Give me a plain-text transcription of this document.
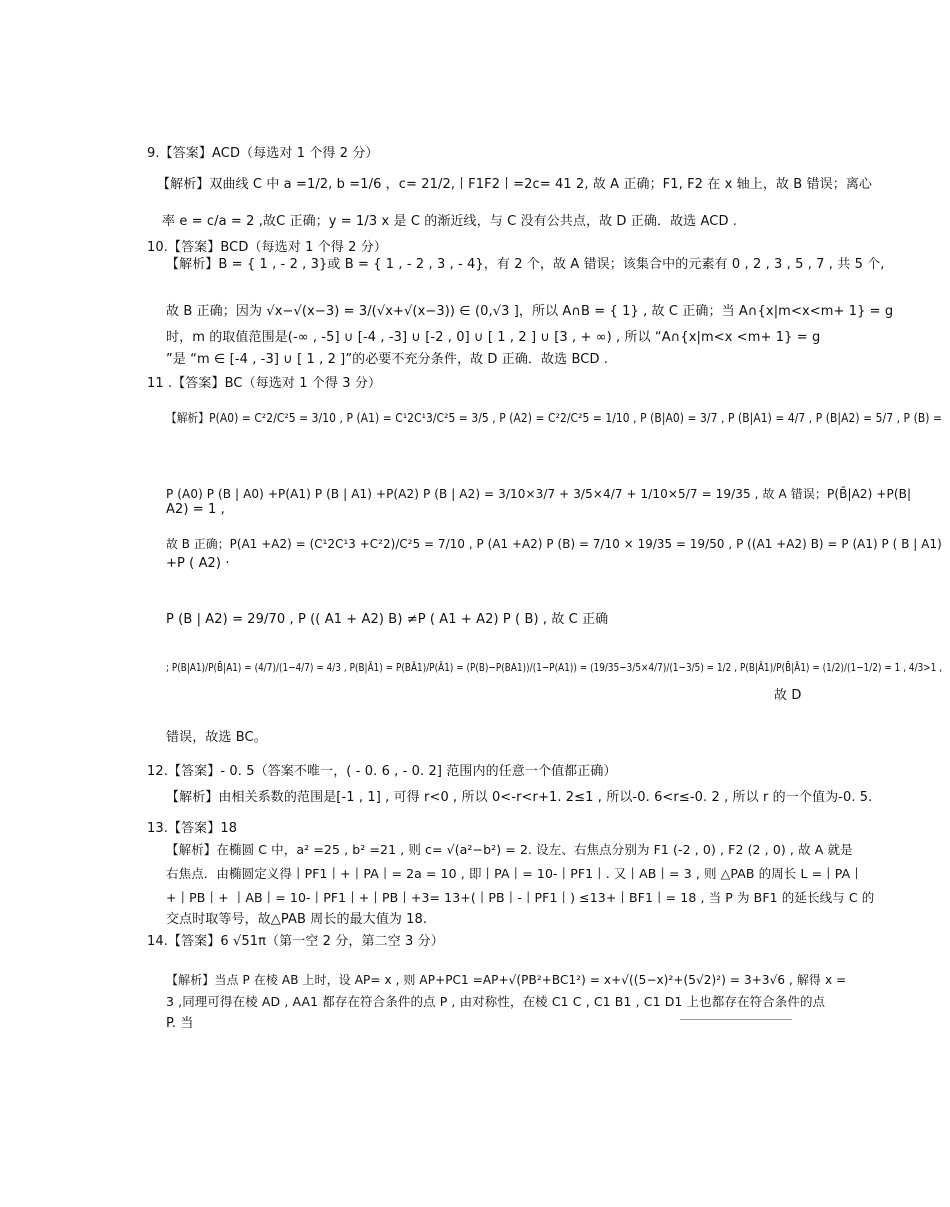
9.【答案】ACD（每选对 1 个得 2 分）
【解析】双曲线 C 中 a =1/2, b =1/6 ，c= 21/2,丨F1F2丨=2c= 41 2, 故 A 正确；F1, F2 在 x 轴上，故 B 错误；离心
率 e = c/a = 2 ,故C 正确；y = 1/3 x 是 C 的渐近线，与 C 没有公共点，故 D 正确．故选 ACD .
10.【答案】BCD（每选对 1 个得 2 分）
【解析】B = { 1 , - 2 , 3}或 B = { 1 , - 2 , 3 , - 4}，有 2 个，故 A 错误；该集合中的元素有 0 , 2 , 3 , 5 , 7 , 共 5 个,
故 B 正确；因为 √x−√(x−3) = 3/(√x+√(x−3)) ∈ (0,√3 ]，所以 A∩B = { 1} , 故 C 正确；当 A∩{x|m<x<m+ 1} = g
时，m 的取值范围是(-∞ , -5] ∪ [-4 , -3] ∪ [-2 , 0] ∪ [ 1 , 2 ] ∪ [3 , + ∞) , 所以 “A∩{x|m<x <m+ 1} = g
”是 “m ∈ [-4 , -3] ∪ [ 1 , 2 ]”的必要不充分条件，故 D 正确．故选 BCD .
11 .【答案】BC（每选对 1 个得 3 分）
【解析】P(A0) = C²2/C²5 = 3/10 , P (A1) = C¹2C¹3/C²5 = 3/5 , P (A2) = C²2/C²5 = 1/10 , P (B|A0) = 3/7 , P (B|A1) = 4/7 , P (B|A2) = 5/7 , P (B) =
P (A0) P (B | A0) +P(A1) P (B | A1) +P(A2) P (B | A2) = 3/10×3/7 + 3/5×4/7 + 1/10×5/7 = 19/35 , 故 A 错误；P(B̄|A2) +P(B|
A2) = 1 ,
故 B 正确；P(A1 +A2) = (C¹2C¹3 +C²2)/C²5 = 7/10 , P (A1 +A2) P (B) = 7/10 × 19/35 = 19/50 , P ((A1 +A2) B) = P (A1) P ( B | A1)
+P ( A2) ·
P (B | A2) = 29/70 , P (( A1 + A2) B) ≠P ( A1 + A2) P ( B) , 故 C 正确
; P(B|A1)/P(B̄|A1) = (4/7)/(1−4/7) = 4/3 , P(B|Ā1) = P(BĀ1)/P(Ā1) = (P(B)−P(BA1))/(1−P(A1)) = (19/35−3/5×4/7)/(1−3/5) = 1/2 , P(B|Ā1)/P(B̄|Ā1) = (1/2)/(1−1/2) = 1 , 4/3>1 ,
故 D
错误，故选 BC。
12.【答案】- 0. 5（答案不唯一，( - 0. 6 , - 0. 2] 范围内的任意一个值都正确）
【解析】由相关系数的范围是[-1 , 1] , 可得 r<0 , 所以 0<-r<r+1. 2≤1 , 所以-0. 6<r≤-0. 2 , 所以 r 的一个值为-0. 5.
13.【答案】18
【解析】在椭圆 C 中，a² =25 , b² =21 , 则 c= √(a²−b²) = 2. 设左、右焦点分别为 F1 (-2 , 0) , F2 (2 , 0) , 故 A 就是
右焦点．由椭圆定义得丨PF1丨+丨PA丨= 2a = 10 , 即丨PA丨= 10-丨PF1丨. 又丨AB丨= 3 , 则 △PAB 的周长 L =丨PA丨
+丨PB丨+ 丨AB丨= 10-丨PF1丨+丨PB丨+3= 13+(丨PB丨-丨PF1丨) ≤13+丨BF1丨= 18 , 当 P 为 BF1 的延长线与 C 的
交点时取等号，故△PAB 周长的最大值为 18.
14.【答案】6 √51π（第一空 2 分，第二空 3 分）
【解析】当点 P 在棱 AB 上时，设 AP= x , 则 AP+PC1 =AP+√(PB²+BC1²) = x+√((5−x)²+(5√2)²) = 3+3√6 , 解得 x =
3 ,同理可得在棱 AD , AA1 都存在符合条件的点 P , 由对称性，在棱 C1 C , C1 B1 , C1 D1 上也都存在符合条件的点
P. 当
